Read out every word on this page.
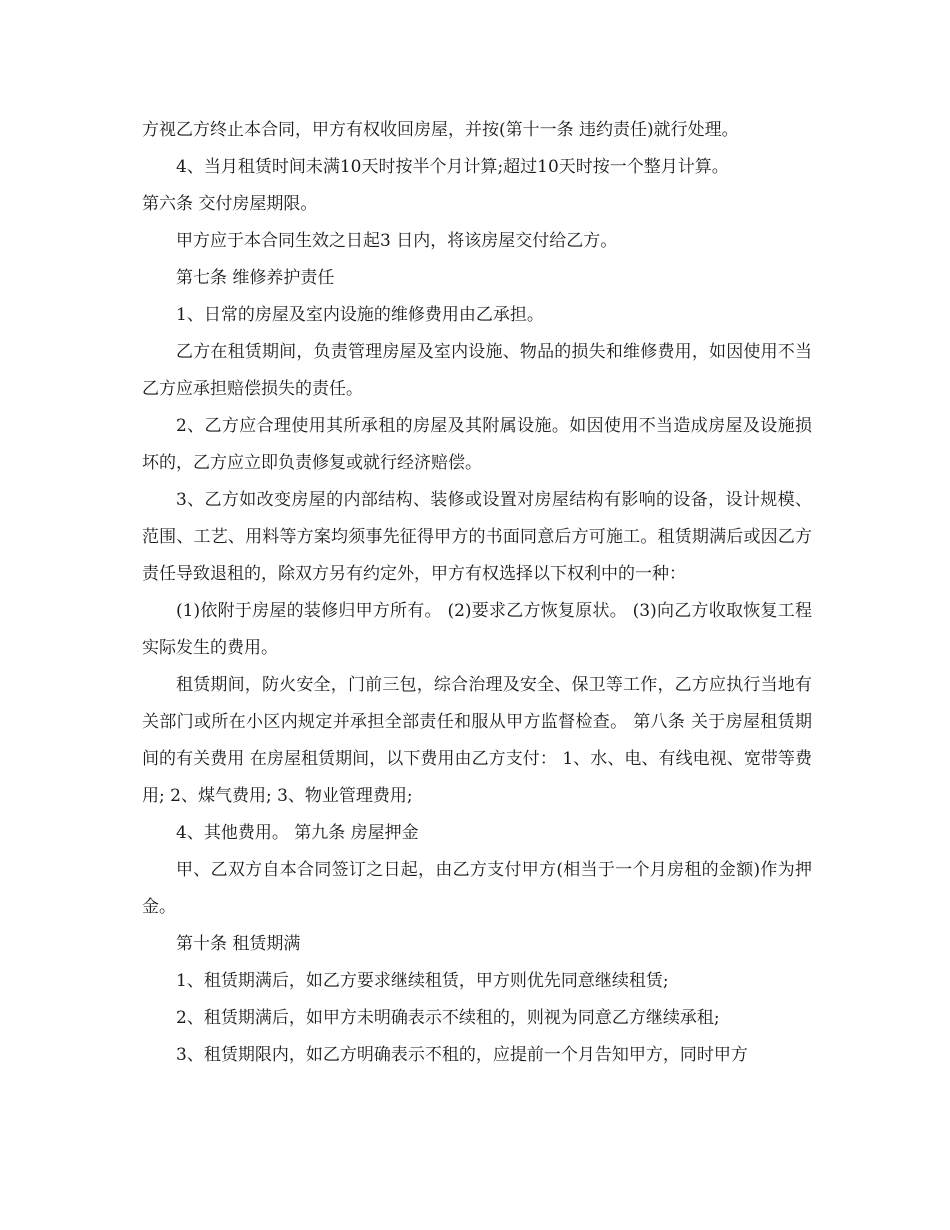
方视乙方终止本合同，甲方有权收回房屋，并按(第十一条 违约责任)就行处理。

4、当月租赁时间未满10天时按半个月计算;超过10天时按一个整月计算。

第六条 交付房屋期限。

甲方应于本合同生效之日起3 日内，将该房屋交付给乙方。

第七条 维修养护责任

1、日常的房屋及室内设施的维修费用由乙承担。

乙方在租赁期间，负责管理房屋及室内设施、物品的损失和维修费用，如因使用不当乙方应承担赔偿损失的责任。

2、乙方应合理使用其所承租的房屋及其附属设施。如因使用不当造成房屋及设施损坏的，乙方应立即负责修复或就行经济赔偿。

3、乙方如改变房屋的内部结构、装修或设置对房屋结构有影响的设备，设计规模、范围、工艺、用料等方案均须事先征得甲方的书面同意后方可施工。租赁期满后或因乙方责任导致退租的，除双方另有约定外，甲方有权选择以下权利中的一种：

(1)依附于房屋的装修归甲方所有。 (2)要求乙方恢复原状。 (3)向乙方收取恢复工程实际发生的费用。

租赁期间，防火安全，门前三包，综合治理及安全、保卫等工作，乙方应执行当地有关部门或所在小区内规定并承担全部责任和服从甲方监督检查。 第八条 关于房屋租赁期间的有关费用 在房屋租赁期间，以下费用由乙方支付： 1、水、电、有线电视、宽带等费用; 2、煤气费用; 3、物业管理费用;

4、其他费用。 第九条 房屋押金

甲、乙双方自本合同签订之日起，由乙方支付甲方(相当于一个月房租的金额)作为押金。

第十条 租赁期满

1、租赁期满后，如乙方要求继续租赁，甲方则优先同意继续租赁;

2、租赁期满后，如甲方未明确表示不续租的，则视为同意乙方继续承租;

3、租赁期限内，如乙方明确表示不租的，应提前一个月告知甲方，同时甲方
